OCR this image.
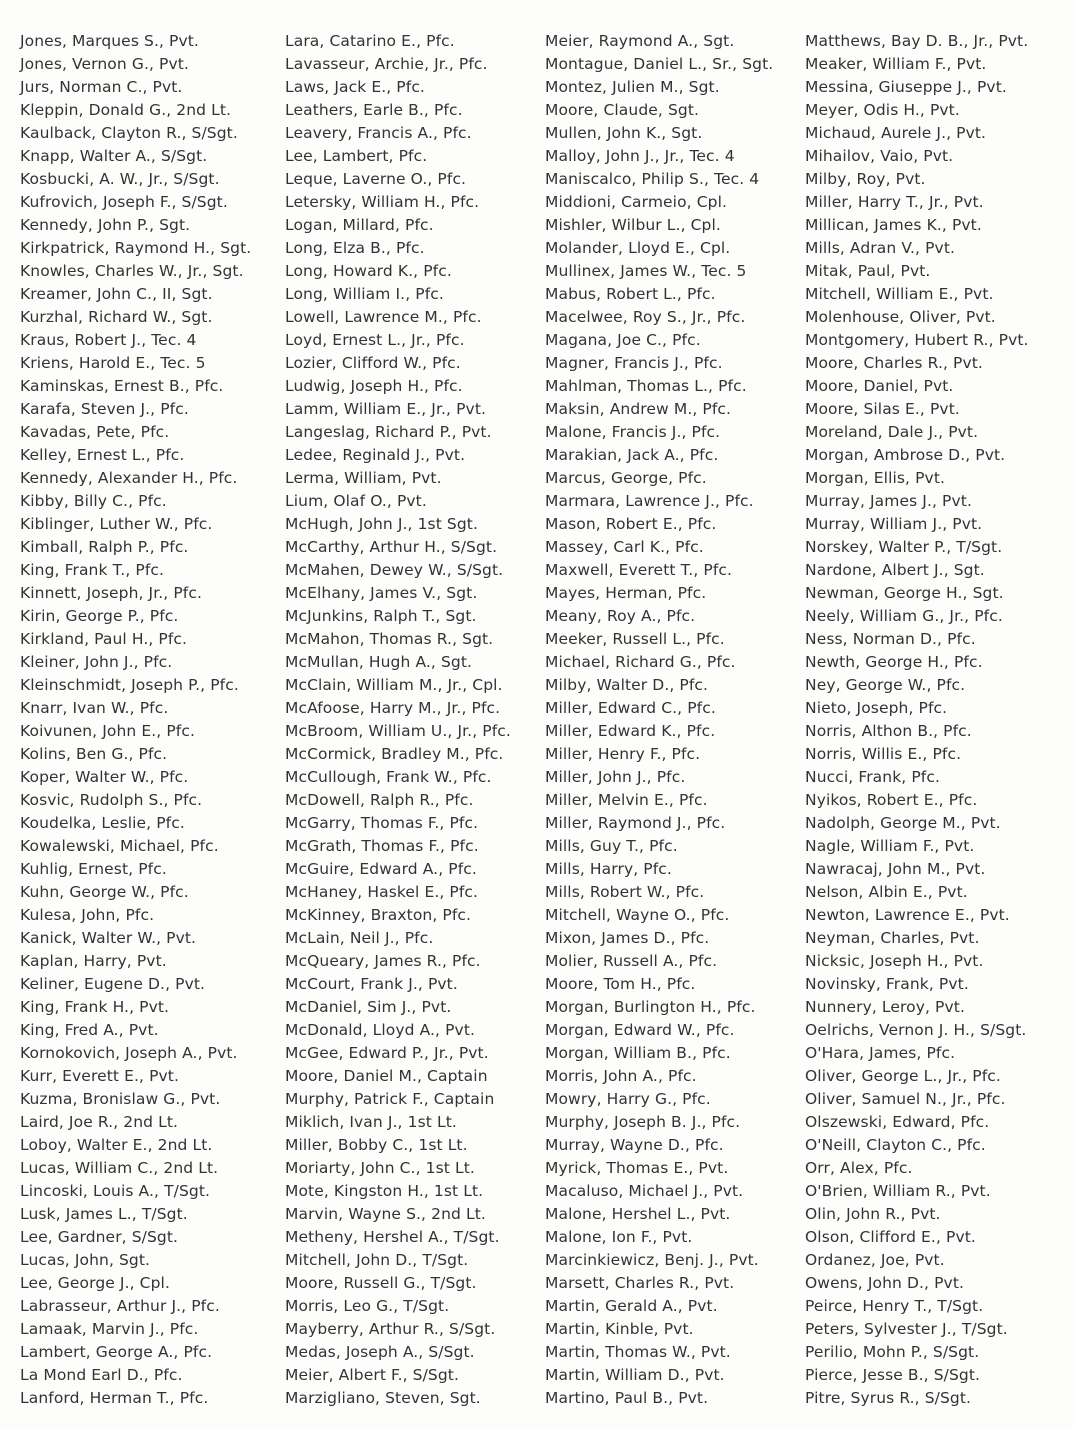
Jones, Marques S., Pvt.
Jones, Vernon G., Pvt.
Jurs, Norman C., Pvt.
Kleppin, Donald G., 2nd Lt.
Kaulback, Clayton R., S/Sgt.
Knapp, Walter A., S/Sgt.
Kosbucki, A. W., Jr., S/Sgt.
Kufrovich, Joseph F., S/Sgt.
Kennedy, John P., Sgt.
Kirkpatrick, Raymond H., Sgt.
Knowles, Charles W., Jr., Sgt.
Kreamer, John C., II, Sgt.
Kurzhal, Richard W., Sgt.
Kraus, Robert J., Tec. 4
Kriens, Harold E., Tec. 5
Kaminskas, Ernest B., Pfc.
Karafa, Steven J., Pfc.
Kavadas, Pete, Pfc.
Kelley, Ernest L., Pfc.
Kennedy, Alexander H., Pfc.
Kibby, Billy C., Pfc.
Kiblinger, Luther W., Pfc.
Kimball, Ralph P., Pfc.
King, Frank T., Pfc.
Kinnett, Joseph, Jr., Pfc.
Kirin, George P., Pfc.
Kirkland, Paul H., Pfc.
Kleiner, John J., Pfc.
Kleinschmidt, Joseph P., Pfc.
Knarr, Ivan W., Pfc.
Koivunen, John E., Pfc.
Kolins, Ben G., Pfc.
Koper, Walter W., Pfc.
Kosvic, Rudolph S., Pfc.
Koudelka, Leslie, Pfc.
Kowalewski, Michael, Pfc.
Kuhlig, Ernest, Pfc.
Kuhn, George W., Pfc.
Kulesa, John, Pfc.
Kanick, Walter W., Pvt.
Kaplan, Harry, Pvt.
Keliner, Eugene D., Pvt.
King, Frank H., Pvt.
King, Fred A., Pvt.
Kornokovich, Joseph A., Pvt.
Kurr, Everett E., Pvt.
Kuzma, Bronislaw G., Pvt.
Laird, Joe R., 2nd Lt.
Loboy, Walter E., 2nd Lt.
Lucas, William C., 2nd Lt.
Lincoski, Louis A., T/Sgt.
Lusk, James L., T/Sgt.
Lee, Gardner, S/Sgt.
Lucas, John, Sgt.
Lee, George J., Cpl.
Labrasseur, Arthur J., Pfc.
Lamaak, Marvin J., Pfc.
Lambert, George A., Pfc.
La Mond Earl D., Pfc.
Lanford, Herman T., Pfc.
Lara, Catarino E., Pfc.
Lavasseur, Archie, Jr., Pfc.
Laws, Jack E., Pfc.
Leathers, Earle B., Pfc.
Leavery, Francis A., Pfc.
Lee, Lambert, Pfc.
Leque, Laverne O., Pfc.
Letersky, William H., Pfc.
Logan, Millard, Pfc.
Long, Elza B., Pfc.
Long, Howard K., Pfc.
Long, William I., Pfc.
Lowell, Lawrence M., Pfc.
Loyd, Ernest L., Jr., Pfc.
Lozier, Clifford W., Pfc.
Ludwig, Joseph H., Pfc.
Lamm, William E., Jr., Pvt.
Langeslag, Richard P., Pvt.
Ledee, Reginald J., Pvt.
Lerma, William, Pvt.
Lium, Olaf O., Pvt.
McHugh, John J., 1st Sgt.
McCarthy, Arthur H., S/Sgt.
McMahen, Dewey W., S/Sgt.
McElhany, James V., Sgt.
McJunkins, Ralph T., Sgt.
McMahon, Thomas R., Sgt.
McMullan, Hugh A., Sgt.
McClain, William M., Jr., Cpl.
McAfoose, Harry M., Jr., Pfc.
McBroom, William U., Jr., Pfc.
McCormick, Bradley M., Pfc.
McCullough, Frank W., Pfc.
McDowell, Ralph R., Pfc.
McGarry, Thomas F., Pfc.
McGrath, Thomas F., Pfc.
McGuire, Edward A., Pfc.
McHaney, Haskel E., Pfc.
McKinney, Braxton, Pfc.
McLain, Neil J., Pfc.
McQueary, James R., Pfc.
McCourt, Frank J., Pvt.
McDaniel, Sim J., Pvt.
McDonald, Lloyd A., Pvt.
McGee, Edward P., Jr., Pvt.
Moore, Daniel M., Captain
Murphy, Patrick F., Captain
Miklich, Ivan J., 1st Lt.
Miller, Bobby C., 1st Lt.
Moriarty, John C., 1st Lt.
Mote, Kingston H., 1st Lt.
Marvin, Wayne S., 2nd Lt.
Metheny, Hershel A., T/Sgt.
Mitchell, John D., T/Sgt.
Moore, Russell G., T/Sgt.
Morris, Leo G., T/Sgt.
Mayberry, Arthur R., S/Sgt.
Medas, Joseph A., S/Sgt.
Meier, Albert F., S/Sgt.
Marzigliano, Steven, Sgt.
Meier, Raymond A., Sgt.
Montague, Daniel L., Sr., Sgt.
Montez, Julien M., Sgt.
Moore, Claude, Sgt.
Mullen, John K., Sgt.
Malloy, John J., Jr., Tec. 4
Maniscalco, Philip S., Tec. 4
Middioni, Carmeio, Cpl.
Mishler, Wilbur L., Cpl.
Molander, Lloyd E., Cpl.
Mullinex, James W., Tec. 5
Mabus, Robert L., Pfc.
Macelwee, Roy S., Jr., Pfc.
Magana, Joe C., Pfc.
Magner, Francis J., Pfc.
Mahlman, Thomas L., Pfc.
Maksin, Andrew M., Pfc.
Malone, Francis J., Pfc.
Marakian, Jack A., Pfc.
Marcus, George, Pfc.
Marmara, Lawrence J., Pfc.
Mason, Robert E., Pfc.
Massey, Carl K., Pfc.
Maxwell, Everett T., Pfc.
Mayes, Herman, Pfc.
Meany, Roy A., Pfc.
Meeker, Russell L., Pfc.
Michael, Richard G., Pfc.
Milby, Walter D., Pfc.
Miller, Edward C., Pfc.
Miller, Edward K., Pfc.
Miller, Henry F., Pfc.
Miller, John J., Pfc.
Miller, Melvin E., Pfc.
Miller, Raymond J., Pfc.
Mills, Guy T., Pfc.
Mills, Harry, Pfc.
Mills, Robert W., Pfc.
Mitchell, Wayne O., Pfc.
Mixon, James D., Pfc.
Molier, Russell A., Pfc.
Moore, Tom H., Pfc.
Morgan, Burlington H., Pfc.
Morgan, Edward W., Pfc.
Morgan, William B., Pfc.
Morris, John A., Pfc.
Mowry, Harry G., Pfc.
Murphy, Joseph B. J., Pfc.
Murray, Wayne D., Pfc.
Myrick, Thomas E., Pvt.
Macaluso, Michael J., Pvt.
Malone, Hershel L., Pvt.
Malone, Ion F., Pvt.
Marcinkiewicz, Benj. J., Pvt.
Marsett, Charles R., Pvt.
Martin, Gerald A., Pvt.
Martin, Kinble, Pvt.
Martin, Thomas W., Pvt.
Martin, William D., Pvt.
Martino, Paul B., Pvt.
Matthews, Bay D. B., Jr., Pvt.
Meaker, William F., Pvt.
Messina, Giuseppe J., Pvt.
Meyer, Odis H., Pvt.
Michaud, Aurele J., Pvt.
Mihailov, Vaio, Pvt.
Milby, Roy, Pvt.
Miller, Harry T., Jr., Pvt.
Millican, James K., Pvt.
Mills, Adran V., Pvt.
Mitak, Paul, Pvt.
Mitchell, William E., Pvt.
Molenhouse, Oliver, Pvt.
Montgomery, Hubert R., Pvt.
Moore, Charles R., Pvt.
Moore, Daniel, Pvt.
Moore, Silas E., Pvt.
Moreland, Dale J., Pvt.
Morgan, Ambrose D., Pvt.
Morgan, Ellis, Pvt.
Murray, James J., Pvt.
Murray, William J., Pvt.
Norskey, Walter P., T/Sgt.
Nardone, Albert J., Sgt.
Newman, George H., Sgt.
Neely, William G., Jr., Pfc.
Ness, Norman D., Pfc.
Newth, George H., Pfc.
Ney, George W., Pfc.
Nieto, Joseph, Pfc.
Norris, Althon B., Pfc.
Norris, Willis E., Pfc.
Nucci, Frank, Pfc.
Nyikos, Robert E., Pfc.
Nadolph, George M., Pvt.
Nagle, William F., Pvt.
Nawracaj, John M., Pvt.
Nelson, Albin E., Pvt.
Newton, Lawrence E., Pvt.
Neyman, Charles, Pvt.
Nicksic, Joseph H., Pvt.
Novinsky, Frank, Pvt.
Nunnery, Leroy, Pvt.
Oelrichs, Vernon J. H., S/Sgt.
O'Hara, James, Pfc.
Oliver, George L., Jr., Pfc.
Oliver, Samuel N., Jr., Pfc.
Olszewski, Edward, Pfc.
O'Neill, Clayton C., Pfc.
Orr, Alex, Pfc.
O'Brien, William R., Pvt.
Olin, John R., Pvt.
Olson, Clifford E., Pvt.
Ordanez, Joe, Pvt.
Owens, John D., Pvt.
Peirce, Henry T., T/Sgt.
Peters, Sylvester J., T/Sgt.
Perilio, Mohn P., S/Sgt.
Pierce, Jesse B., S/Sgt.
Pitre, Syrus R., S/Sgt.
